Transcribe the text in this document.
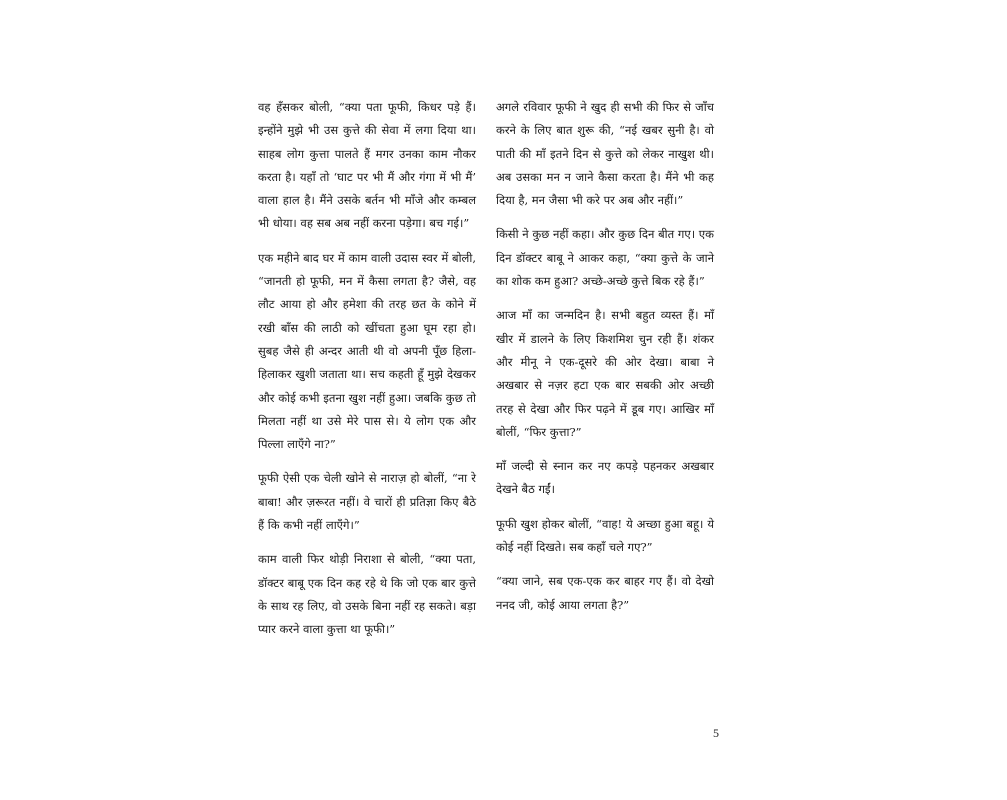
वह हँसकर बोली, “क्या पता फूफी, किधर पड़े हैं। इन्होंने मुझे भी उस कुत्ते की सेवा में लगा दिया था। साहब लोग कुत्ता पालते हैं मगर उनका काम नौकर करता है। यहाँ तो ‘घाट पर भी मैं और गंगा में भी मैं’ वाला हाल है। मैंने उसके बर्तन भी माँजे और कम्बल भी धोया। वह सब अब नहीं करना पड़ेगा। बच गई।”

एक महीने बाद घर में काम वाली उदास स्वर में बोली, “जानती हो फूफी, मन में कैसा लगता है? जैसे, वह लौट आया हो और हमेशा की तरह छत के कोने में रखी बाँस की लाठी को खींचता हुआ घूम रहा हो। सुबह जैसे ही अन्दर आती थी वो अपनी पूँछ हिला-हिलाकर खुशी जताता था। सच कहती हूँ मुझे देखकर और कोई कभी इतना खुश नहीं हुआ। जबकि कुछ तो मिलता नहीं था उसे मेरे पास से। ये लोग एक और पिल्ला लाएँगे ना?”

फूफी ऐसी एक चेली खोने से नाराज़ हो बोलीं, “ना रे बाबा! और ज़रूरत नहीं। वे चारों ही प्रतिज्ञा किए बैठे हैं कि कभी नहीं लाएँगे।”

काम वाली फिर थोड़ी निराशा से बोली, “क्या पता, डॉक्टर बाबू एक दिन कह रहे थे कि जो एक बार कुत्ते के साथ रह लिए, वो उसके बिना नहीं रह सकते। बड़ा प्यार करने वाला कुत्ता था फूफी।”

अगले रविवार फूफी ने खुद ही सभी की फिर से जाँच करने के लिए बात शुरू की, “नई खबर सुनी है। वो पाती की माँ इतने दिन से कुत्ते को लेकर नाखुश थी। अब उसका मन न जाने कैसा करता है। मैंने भी कह दिया है, मन जैसा भी करे पर अब और नहीं।”

किसी ने कुछ नहीं कहा। और कुछ दिन बीत गए। एक दिन डॉक्टर बाबू ने आकर कहा, “क्या कुत्ते के जाने का शोक कम हुआ? अच्छे-अच्छे कुत्ते बिक रहे हैं।”

आज माँ का जन्मदिन है। सभी बहुत व्यस्त हैं। माँ खीर में डालने के लिए किशमिश चुन रही हैं। शंकर और मीनू ने एक-दूसरे की ओर देखा। बाबा ने अखबार से नज़र हटा एक बार सबकी ओर अच्छी तरह से देखा और फिर पढ़ने में डूब गए। आखिर माँ बोलीं, “फिर कुत्ता?”

माँ जल्दी से स्नान कर नए कपड़े पहनकर अखबार देखने बैठ गईं।

फूफी खुश होकर बोलीं, “वाह! ये अच्छा हुआ बहू। ये कोई नहीं दिखते। सब कहाँ चले गए?”

“क्या जाने, सब एक-एक कर बाहर गए हैं। वो देखो ननद जी, कोई आया लगता है?”

5
